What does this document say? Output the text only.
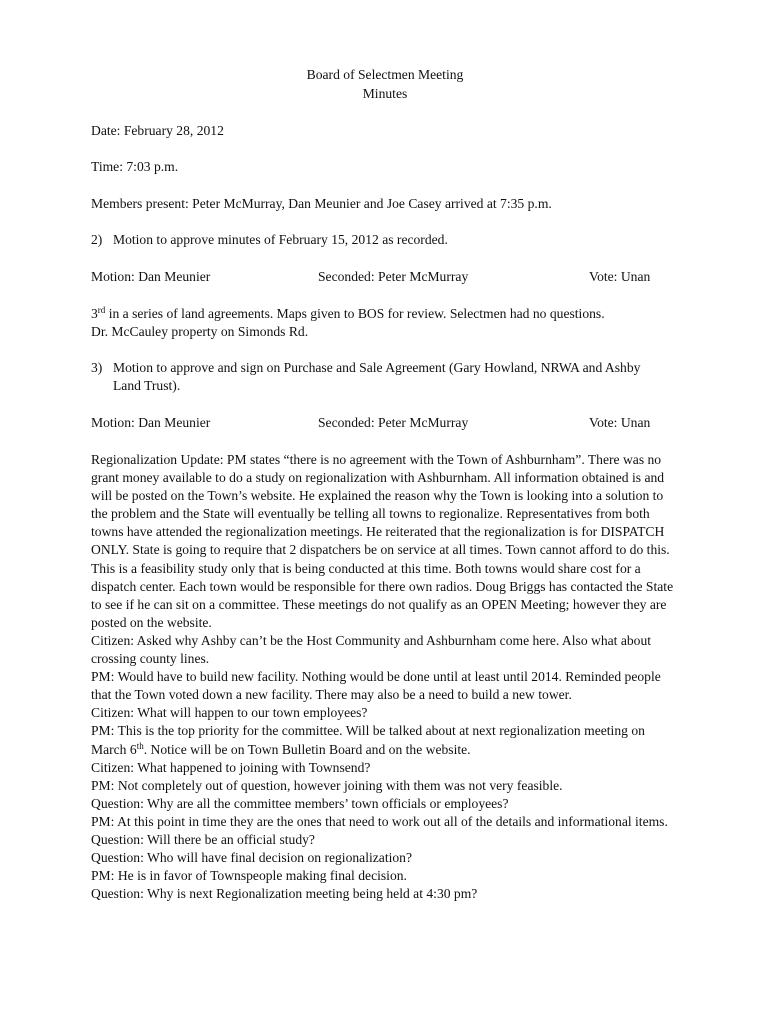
Board of Selectmen Meeting
Minutes
Date: February 28, 2012
Time: 7:03 p.m.
Members present: Peter McMurray, Dan Meunier and Joe Casey arrived at 7:35 p.m.
2) Motion to approve minutes of February 15, 2012 as recorded.
Motion: Dan Meunier	Seconded: Peter McMurray	Vote: Unan
3rd in a series of land agreements. Maps given to BOS for review. Selectmen had no questions.
Dr. McCauley property on Simonds Rd.
3) Motion to approve and sign on Purchase and Sale Agreement (Gary Howland, NRWA and Ashby Land Trust).
Motion: Dan Meunier	Seconded: Peter McMurray	Vote: Unan

Regionalization Update: PM states “there is no agreement with the Town of Ashburnham”. There was no grant money available to do a study on regionalization with Ashburnham. All information obtained is and will be posted on the Town’s website. He explained the reason why the Town is looking into a solution to the problem and the State will eventually be telling all towns to regionalize. Representatives from both towns have attended the regionalization meetings. He reiterated that the regionalization is for DISPATCH ONLY. State is going to require that 2 dispatchers be on service at all times. Town cannot afford to do this. This is a feasibility study only that is being conducted at this time. Both towns would share cost for a dispatch center. Each town would be responsible for there own radios. Doug Briggs has contacted the State to see if he can sit on a committee. These meetings do not qualify as an OPEN Meeting; however they are posted on the website.

Citizen: Asked why Ashby can’t be the Host Community and Ashburnham come here. Also what about crossing county lines.

PM: Would have to build new facility. Nothing would be done until at least until 2014. Reminded people that the Town voted down a new facility. There may also be a need to build a new tower.

Citizen: What will happen to our town employees?

PM: This is the top priority for the committee. Will be talked about at next regionalization meeting on March 6th. Notice will be on Town Bulletin Board and on the website.

Citizen: What happened to joining with Townsend?

PM: Not completely out of question, however joining with them was not very feasible.

Question: Why are all the committee members’ town officials or employees?

PM: At this point in time they are the ones that need to work out all of the details and informational items.

Question: Will there be an official study?

Question: Who will have final decision on regionalization?

PM: He is in favor of Townspeople making final decision.

Question: Why is next Regionalization meeting being held at 4:30 pm?
